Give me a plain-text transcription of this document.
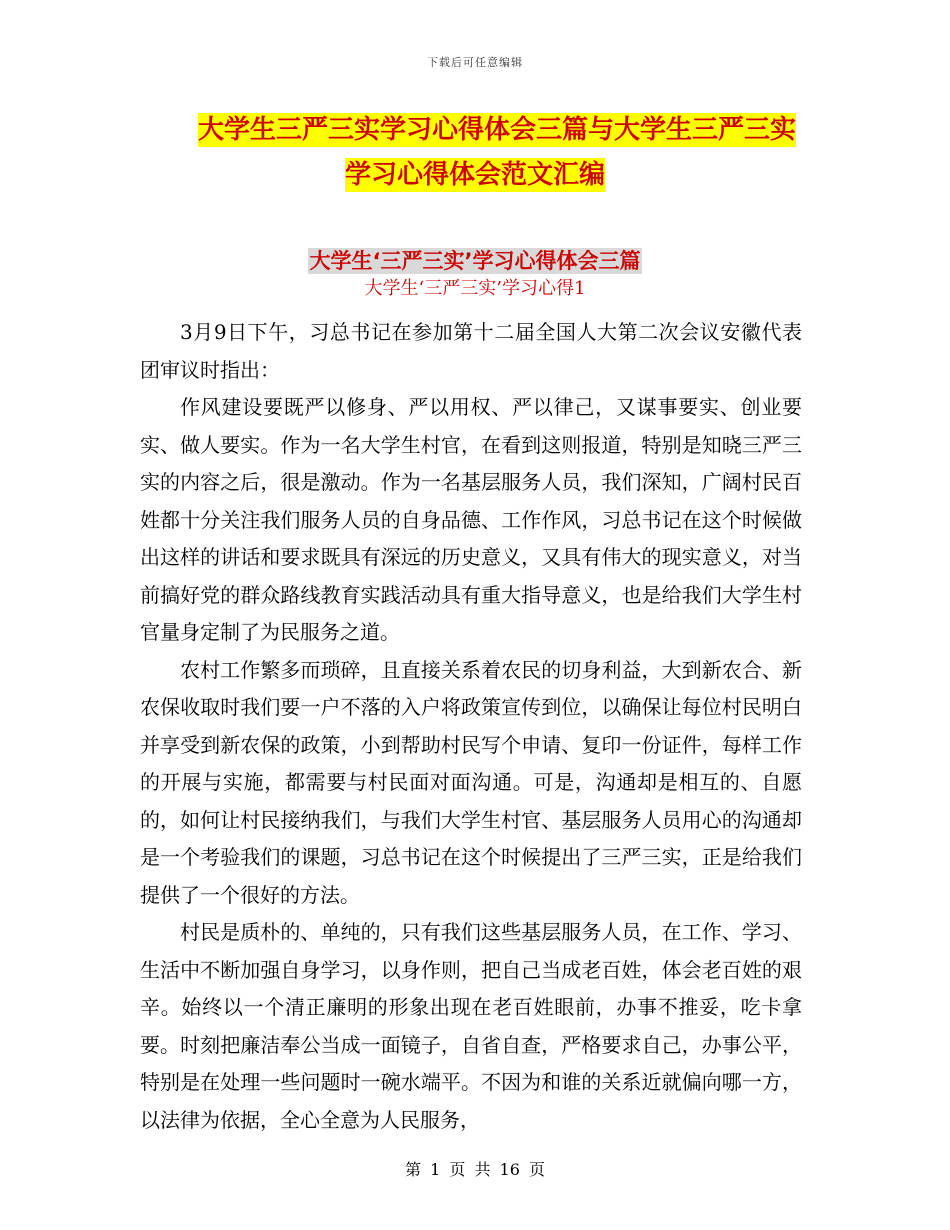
下载后可任意编辑
大学生三严三实学习心得体会三篇与大学生三严三实
学习心得体会范文汇编
大学生‘三严三实’学习心得体会三篇
大学生‘三严三实’学习心得1

3月9日下午，习总书记在参加第十二届全国人大第二次会议安徽代表团审议时指出：

作风建设要既严以修身、严以用权、严以律己，又谋事要实、创业要实、做人要实。作为一名大学生村官，在看到这则报道，特别是知晓三严三实的内容之后，很是激动。作为一名基层服务人员，我们深知，广阔村民百姓都十分关注我们服务人员的自身品德、工作作风，习总书记在这个时候做出这样的讲话和要求既具有深远的历史意义，又具有伟大的现实意义，对当前搞好党的群众路线教育实践活动具有重大指导意义，也是给我们大学生村官量身定制了为民服务之道。

农村工作繁多而琐碎，且直接关系着农民的切身利益，大到新农合、新农保收取时我们要一户不落的入户将政策宣传到位，以确保让每位村民明白并享受到新农保的政策，小到帮助村民写个申请、复印一份证件，每样工作的开展与实施，都需要与村民面对面沟通。可是，沟通却是相互的、自愿的，如何让村民接纳我们，与我们大学生村官、基层服务人员用心的沟通却是一个考验我们的课题，习总书记在这个时候提出了三严三实，正是给我们提供了一个很好的方法。

村民是质朴的、单纯的，只有我们这些基层服务人员，在工作、学习、生活中不断加强自身学习，以身作则，把自己当成老百姓，体会老百姓的艰辛。始终以一个清正廉明的形象出现在老百姓眼前，办事不推妥，吃卡拿要。时刻把廉洁奉公当成一面镜子，自省自查，严格要求自己，办事公平，特别是在处理一些问题时一碗水端平。不因为和谁的关系近就偏向哪一方，以法律为依据，全心全意为人民服务，

第 1 页 共 16 页
